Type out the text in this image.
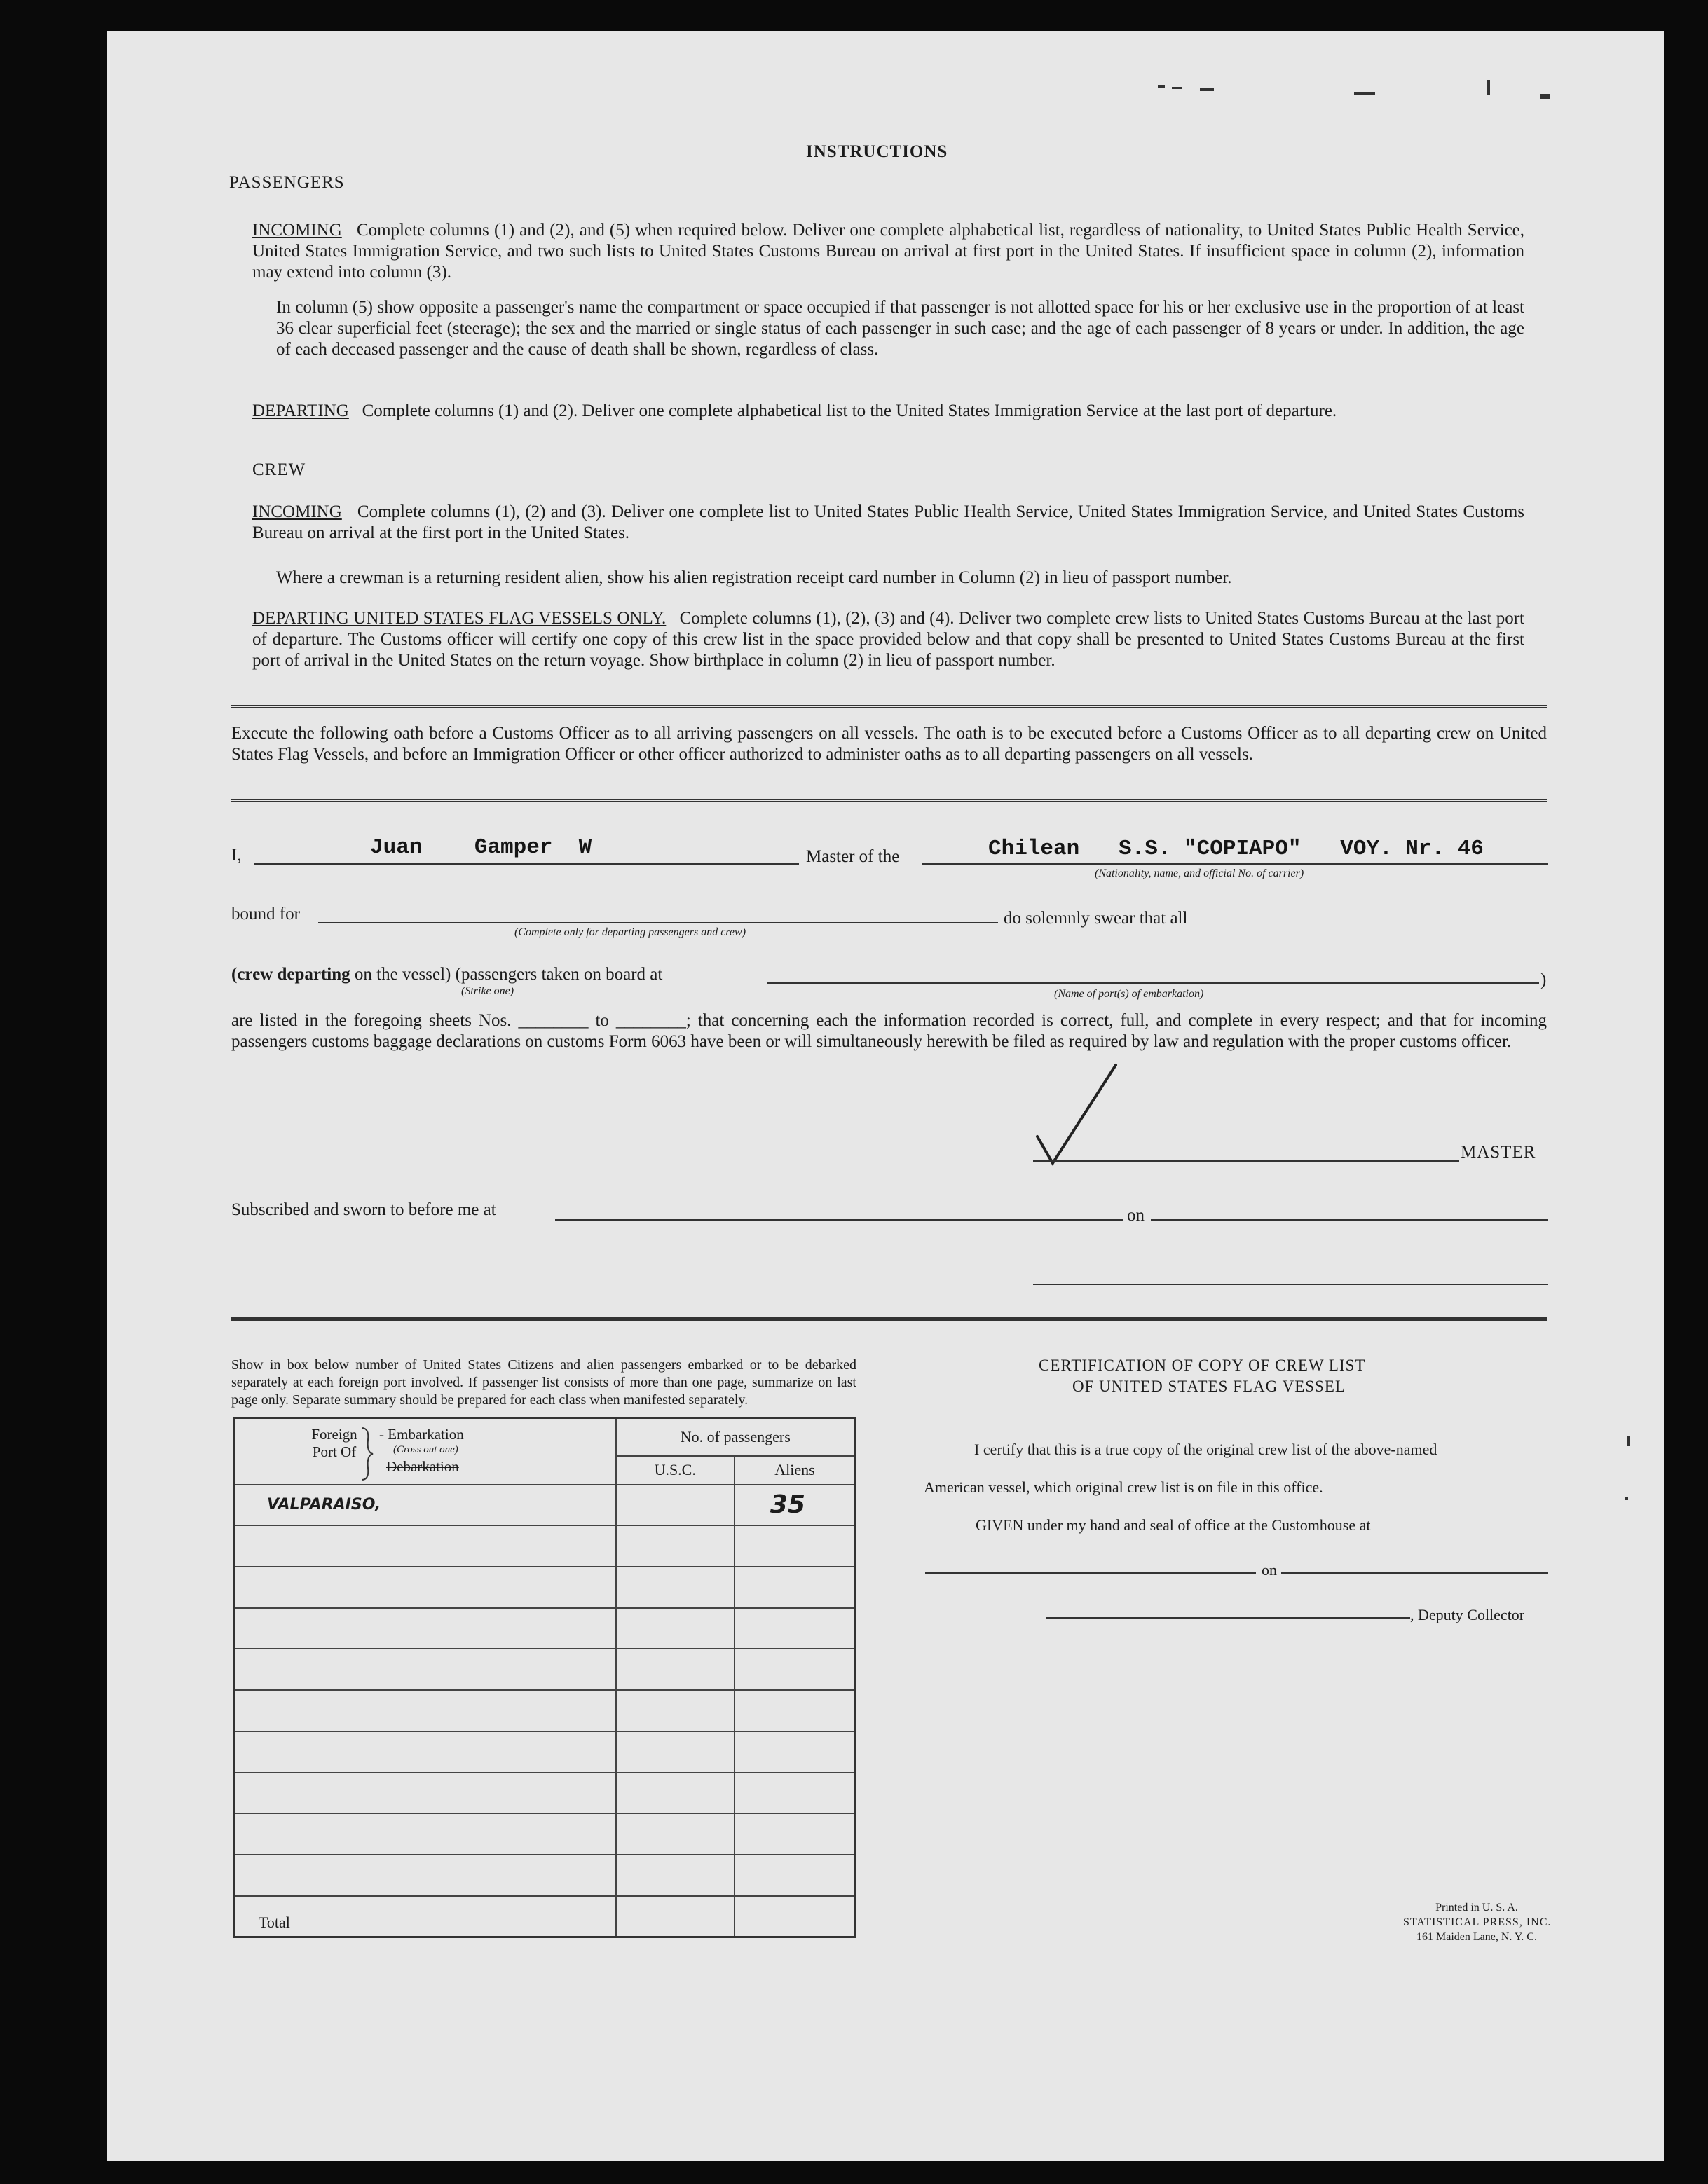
INSTRUCTIONS
PASSENGERS
INCOMING Complete columns (1) and (2), and (5) when required below. Deliver one complete alphabetical list, regardless of nationality, to United States Public Health Service, United States Immigration Service, and two such lists to United States Customs Bureau on arrival at first port in the United States. If insufficient space in column (2), information may extend into column (3).
In column (5) show opposite a passenger's name the compartment or space occupied if that passenger is not allotted space for his or her exclusive use in the proportion of at least 36 clear superficial feet (steerage); the sex and the married or single status of each passenger in such case; and the age of each passenger of 8 years or under. In addition, the age of each deceased passenger and the cause of death shall be shown, regardless of class.
DEPARTING Complete columns (1) and (2). Deliver one complete alphabetical list to the United States Immigration Service at the last port of departure.
CREW
INCOMING Complete columns (1), (2) and (3). Deliver one complete list to United States Public Health Service, United States Immigration Service, and United States Customs Bureau on arrival at the first port in the United States.
Where a crewman is a returning resident alien, show his alien registration receipt card number in Column (2) in lieu of passport number.
DEPARTING UNITED STATES FLAG VESSELS ONLY. Complete columns (1), (2), (3) and (4). Deliver two complete crew lists to United States Customs Bureau at the last port of departure. The Customs officer will certify one copy of this crew list in the space provided below and that copy shall be presented to United States Customs Bureau at the first port of arrival in the United States on the return voyage. Show birthplace in column (2) in lieu of passport number.
Execute the following oath before a Customs Officer as to all arriving passengers on all vessels. The oath is to be executed before a Customs Officer as to all departing crew on United States Flag Vessels, and before an Immigration Officer or other officer authorized to administer oaths as to all departing passengers on all vessels.
I,	Juan    Gamper  W	Master of the	Chilean   S.S. "COPIAPO"   VOY. Nr. 46
(Nationality, name, and official No. of carrier)
bound for
(Complete only for departing passengers and crew)
do solemnly swear that all
(crew departing on the vessel) (passengers taken on board at
(Strike one)
)
(Name of port(s) of embarkation)
are listed in the foregoing sheets Nos. ________ to ________; that concerning each the information recorded is correct, full, and complete in every respect; and that for incoming passengers customs baggage declarations on customs Form 6063 have been or will simultaneously herewith be filed as required by law and regulation with the proper customs officer.
MASTER
Subscribed and sworn to before me at	on
Show in box below number of United States Citizens and alien passengers embarked or to be debarked separately at each foreign port involved. If passenger list consists of more than one page, summarize on last page only. Separate summary should be prepared for each class when manifested separately.
Foreign Port Of
- Embarkation
(Cross out one)
Debarkation	No. of passengers	
	U.S.C.	Aliens
VALPARAISO,		35

Total		
CERTIFICATION OF COPY OF CREW LIST
OF UNITED STATES FLAG VESSEL
I certify that this is a true copy of the original crew list of the above-named
American vessel, which original crew list is on file in this office.
GIVEN under my hand and seal of office at the Customhouse at
on
, Deputy Collector
Printed in U. S. A.
STATISTICAL PRESS, INC.
161 Maiden Lane, N. Y. C.
